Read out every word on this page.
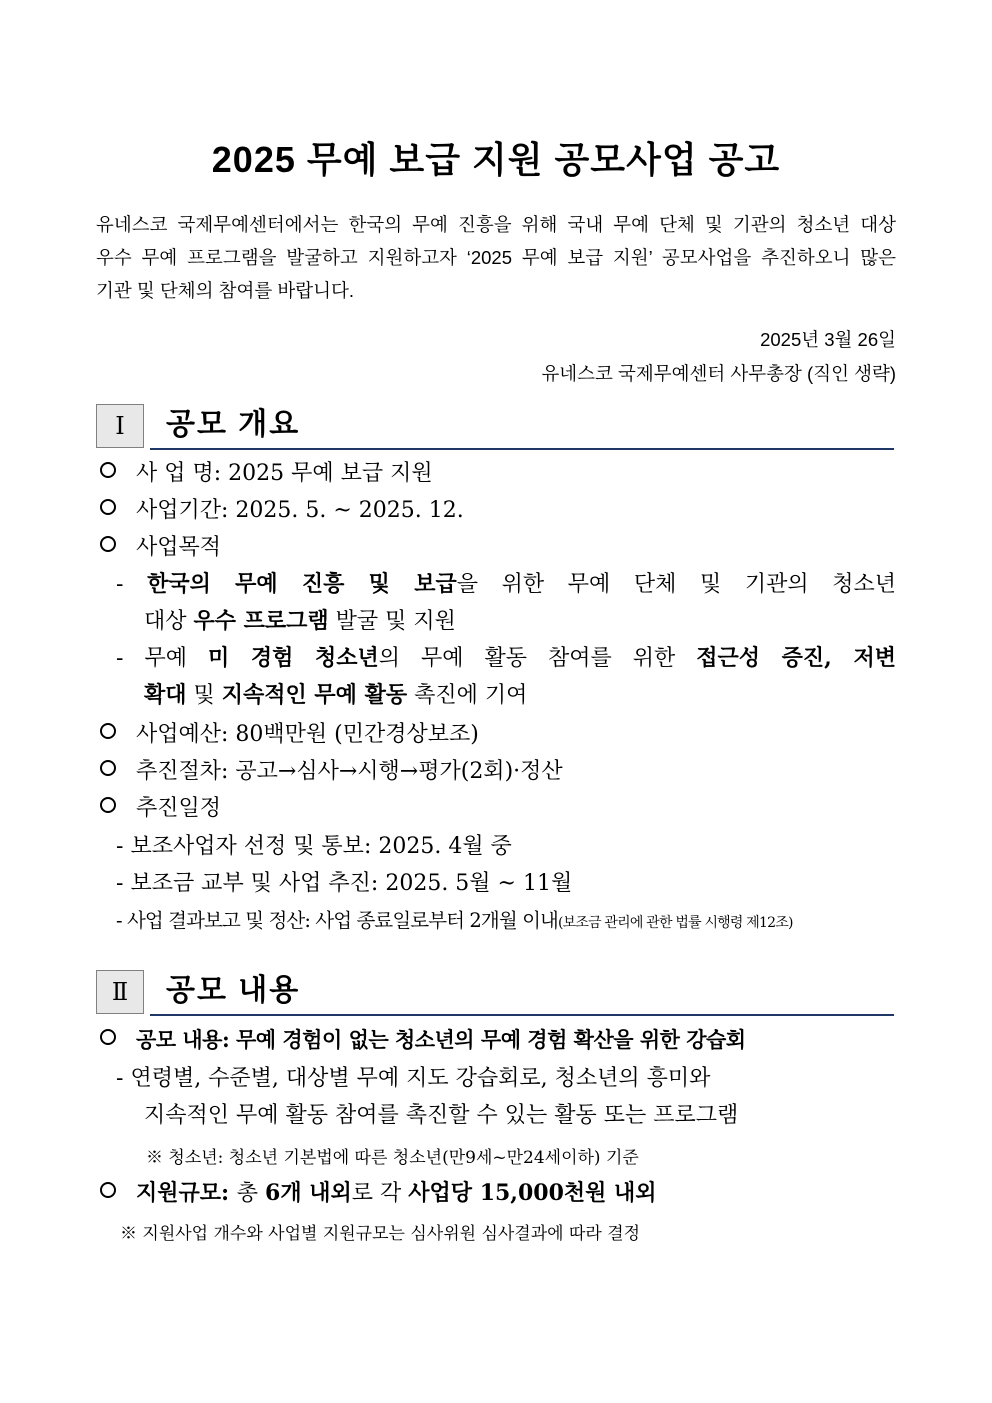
2025 무예 보급 지원 공모사업 공고
유네스코 국제무예센터에서는 한국의 무예 진흥을 위해 국내 무예 단체 및 기관의 청소년 대상
우수 무예 프로그램을 발굴하고 지원하고자 ‘2025 무예 보급 지원’ 공모사업을 추진하오니 많은
기관 및 단체의 참여를 바랍니다.
2025년 3월 26일
유네스코 국제무예센터 사무총장 (직인 생략)
Ⅰ	공모 개요
사 업 명: 2025 무예 보급 지원
사업기간: 2025. 5. ~ 2025. 12.
사업목적
- 한국의 무예 진흥 및 보급을 위한 무예 단체 및 기관의 청소년
대상 우수 프로그램 발굴 및 지원
- 무예 미 경험 청소년의 무예 활동 참여를 위한 접근성 증진, 저변
확대 및 지속적인 무예 활동 촉진에 기여
사업예산: 80백만원 (민간경상보조)
추진절차: 공고→심사→시행→평가(2회)·정산
추진일정
- 보조사업자 선정 및 통보: 2025. 4월 중
- 보조금 교부 및 사업 추진: 2025. 5월 ~ 11월
- 사업 결과보고 및 정산: 사업 종료일로부터 2개월 이내(보조금 관리에 관한 법률 시행령 제12조)
Ⅱ	공모 내용
공모 내용: 무예 경험이 없는 청소년의 무예 경험 확산을 위한 강습회
- 연령별, 수준별, 대상별 무예 지도 강습회로, 청소년의 흥미와
지속적인 무예 활동 참여를 촉진할 수 있는 활동 또는 프로그램
※ 청소년: 청소년 기본법에 따른 청소년(만9세~만24세이하) 기준
지원규모: 총 6개 내외로 각 사업당 15,000천원 내외
※ 지원사업 개수와 사업별 지원규모는 심사위원 심사결과에 따라 결정
